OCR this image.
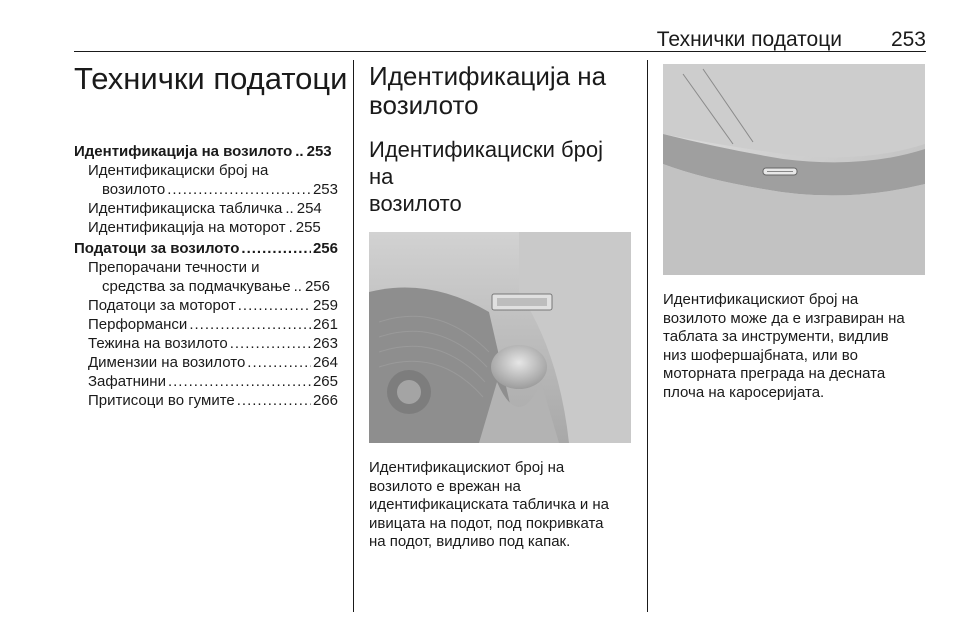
Технички податоци 253
Технички податоци
Идентификација на возилото .. 253
Идентификациски број на
возилото .....	253
Идентификациска табличка .. 254
Идентификација на моторот . 255
Податоци за возилото .....	256
Препорачани течности и
средства за подмачкување .. 256
Податоци за моторот .....	259
Перформанси .....	261
Тежина на возилото .....	263
Димензии на возилото .....	264
Зафатнини .....	265
Притисоци во гумите .....	266
Идентификација на
возилото
Идентификациски број на
возилото
Идентификацискиот број на
возилото е врежан на
идентификациската табличка и на
ивицата на подот, под покривката
на подот, видливо под капак.
Идентификацискиот број на
возилото може да е изгравиран на
таблата за инструменти, видлив
низ шофершајбната, или во
моторната преграда на десната
плоча на каросеријата.
